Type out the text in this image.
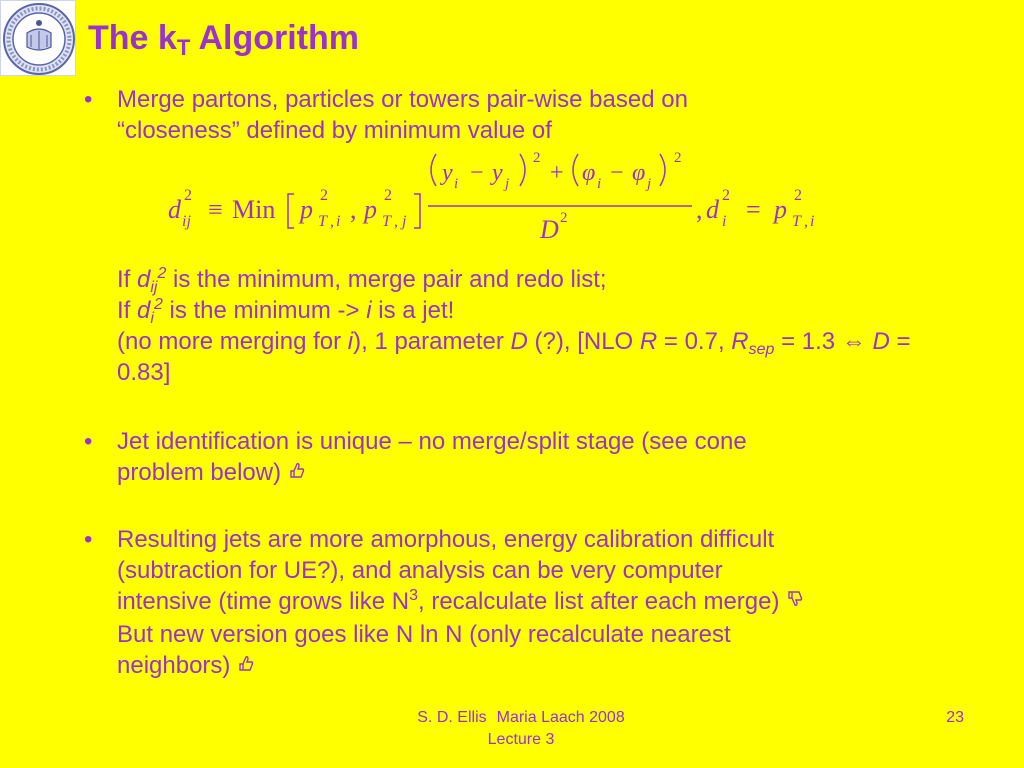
The $k_T$ Algorithm
• Merge partons, particles or towers pair-wise based on
“closeness” defined by minimum value of
d ij
2 ≡ Min p 2
T , i , p 2
T , j
y i − y j
2
+ φ i − φ j
2
D 2	, d 2
i = p 2
T , i
If $d_{ij}^2$ is the minimum, merge pair and redo list;
If $d_i^2$ is the minimum -> i is a jet!
(no more merging for i), 1 parameter D (?), [NLO R = 0.7, $R_{sep} = 1.3$ ⇔ D = 0.83]
• Jet identification is unique – no merge/split stage (see cone
problem below)
• Resulting jets are more amorphous, energy calibration difficult
(subtraction for UE?), and analysis can be very computer
intensive (time grows like $N^3$, recalculate list after each merge)
But new version goes like N ln N (only recalculate nearest
neighbors)
S. D. Ellis Maria Laach 2008
Lecture 3
23
